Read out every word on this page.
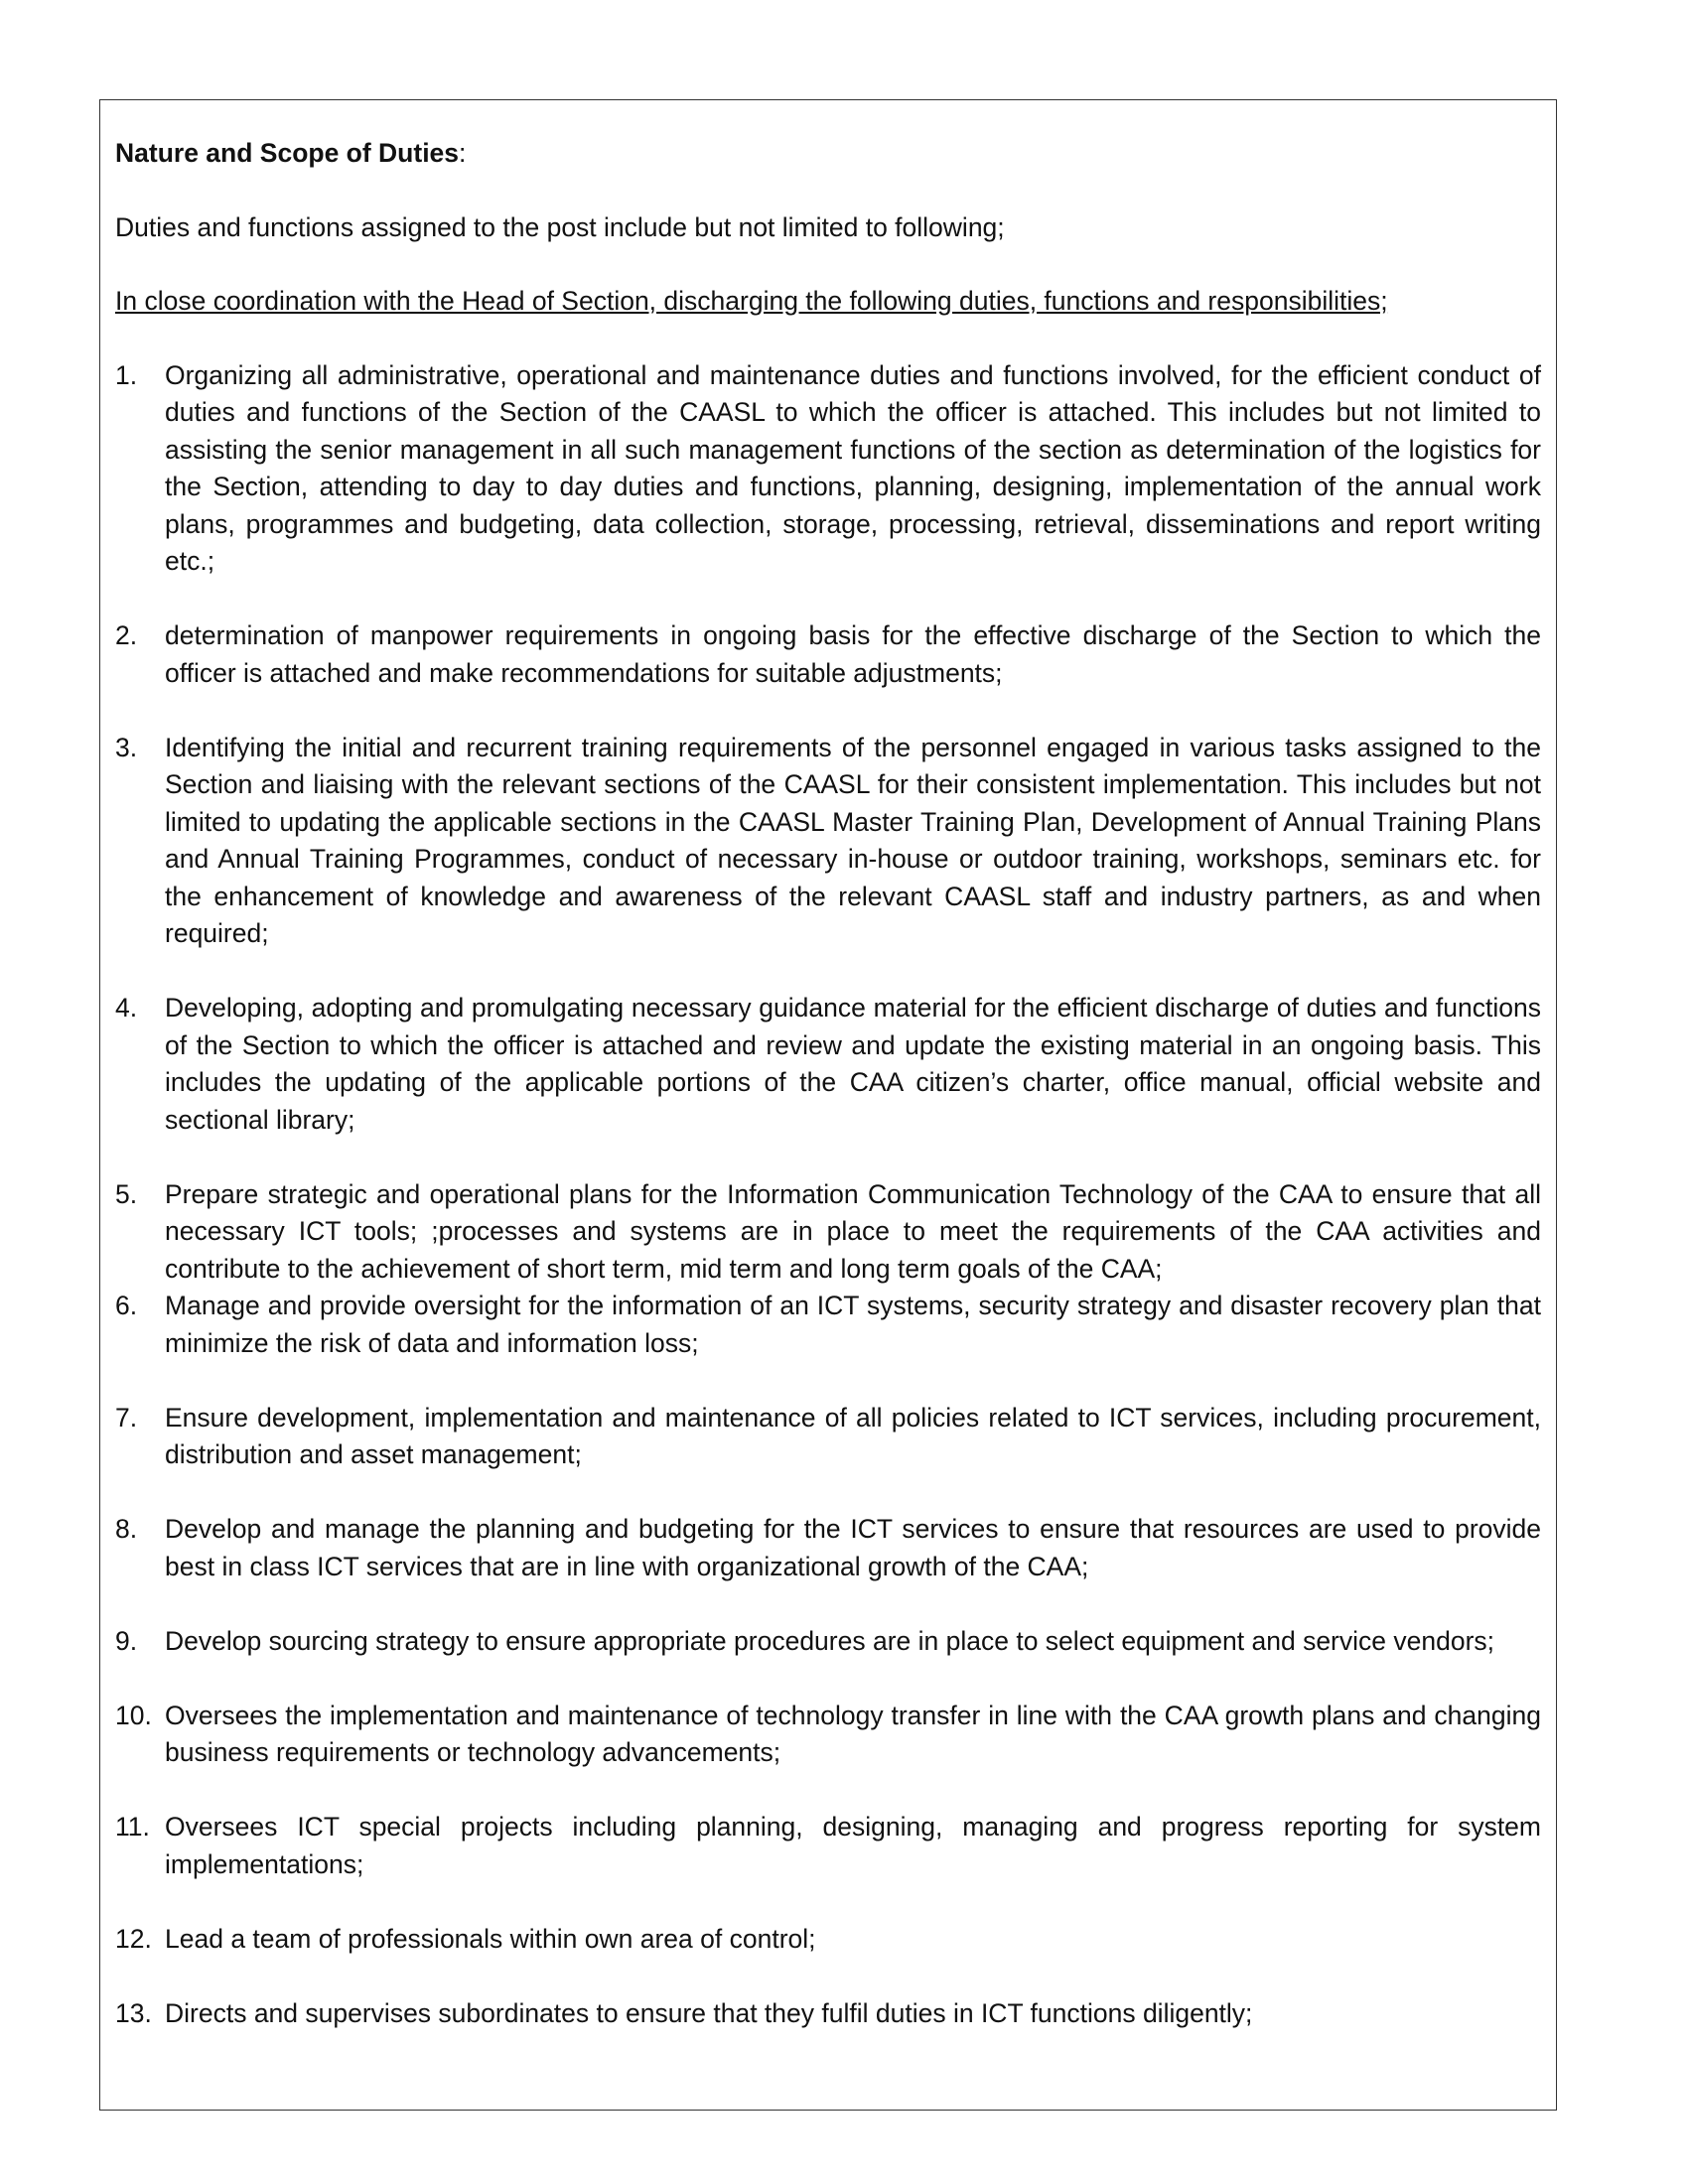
Nature and Scope of Duties:

Duties and functions assigned to the post include but not limited to following;

In close coordination with the Head of Section, discharging the following duties, functions and responsibilities;

1. Organizing all administrative, operational and maintenance duties and functions involved, for the efficient conduct of duties and functions of the Section of the CAASL to which the officer is attached. This includes but not limited to assisting the senior management in all such management functions of the section as determination of the logistics for the Section, attending to day to day duties and functions, planning, designing, implementation of the annual work plans, programmes and budgeting, data collection, storage, processing, retrieval, disseminations and report writing etc.;
2. determination of manpower requirements in ongoing basis for the effective discharge of the Section to which the officer is attached and make recommendations for suitable adjustments;
3. Identifying the initial and recurrent training requirements of the personnel engaged in various tasks assigned to the Section and liaising with the relevant sections of the CAASL for their consistent implementation. This includes but not limited to updating the applicable sections in the CAASL Master Training Plan, Development of Annual Training Plans and Annual Training Programmes, conduct of necessary in-house or outdoor training, workshops, seminars etc. for the enhancement of knowledge and awareness of the relevant CAASL staff and industry partners, as and when required;
4. Developing, adopting and promulgating necessary guidance material for the efficient discharge of duties and functions of the Section to which the officer is attached and review and update the existing material in an ongoing basis. This includes the updating of the applicable portions of the CAA citizen’s charter, office manual, official website and sectional library;
5. Prepare strategic and operational plans for the Information Communication Technology of the CAA to ensure that all necessary ICT tools; ;processes and systems are in place to meet the requirements of the CAA activities and contribute to the achievement of short term, mid term and long term goals of the CAA;
6. Manage and provide oversight for the information of an ICT systems, security strategy and disaster recovery plan that minimize the risk of data and information loss;
7. Ensure development, implementation and maintenance of all policies related to ICT services, including procurement, distribution and asset management;
8. Develop and manage the planning and budgeting for the ICT services to ensure that resources are used to provide best in class ICT services that are in line with organizational growth of the CAA;
9. Develop sourcing strategy to ensure appropriate procedures are in place to select equipment and service vendors;
10. Oversees the implementation and maintenance of technology transfer in line with the CAA growth plans and changing business requirements or technology advancements;
11. Oversees ICT special projects including planning, designing, managing and progress reporting for system implementations;
12. Lead a team of professionals within own area of control;
13. Directs and supervises subordinates to ensure that they fulfil duties in ICT functions diligently;
